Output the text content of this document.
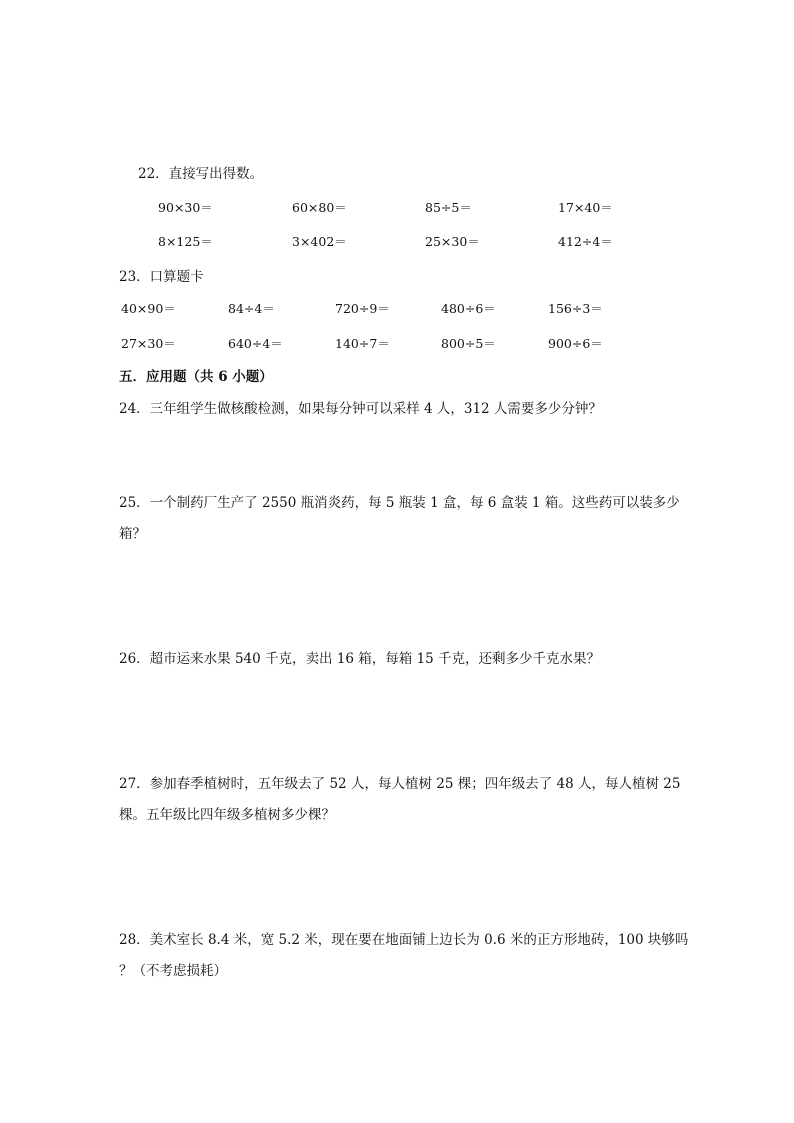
22．直接写出得数。
90×30＝	60×80＝	85÷5＝	17×40＝
8×125＝	3×402＝	25×30＝	412÷4＝
23．口算题卡
40×90＝	84÷4＝	720÷9＝	480÷6＝	156÷3＝
27×30＝	640÷4＝	140÷7＝	800÷5＝	900÷6＝
五．应用题（共 6 小题）
24．三年组学生做核酸检测，如果每分钟可以采样 4 人，312 人需要多少分钟？
25．一个制药厂生产了 2550 瓶消炎药，每 5 瓶装 1 盒，每 6 盒装 1 箱。这些药可以装多少
箱？
26．超市运来水果 540 千克，卖出 16 箱，每箱 15 千克，还剩多少千克水果？
27．参加春季植树时，五年级去了 52 人，每人植树 25 棵；四年级去了 48 人，每人植树 25
棵。五年级比四年级多植树多少棵？
28．美术室长 8.4 米，宽 5.2 米，现在要在地面铺上边长为 0.6 米的正方形地砖，100 块够吗
？（不考虑损耗）
